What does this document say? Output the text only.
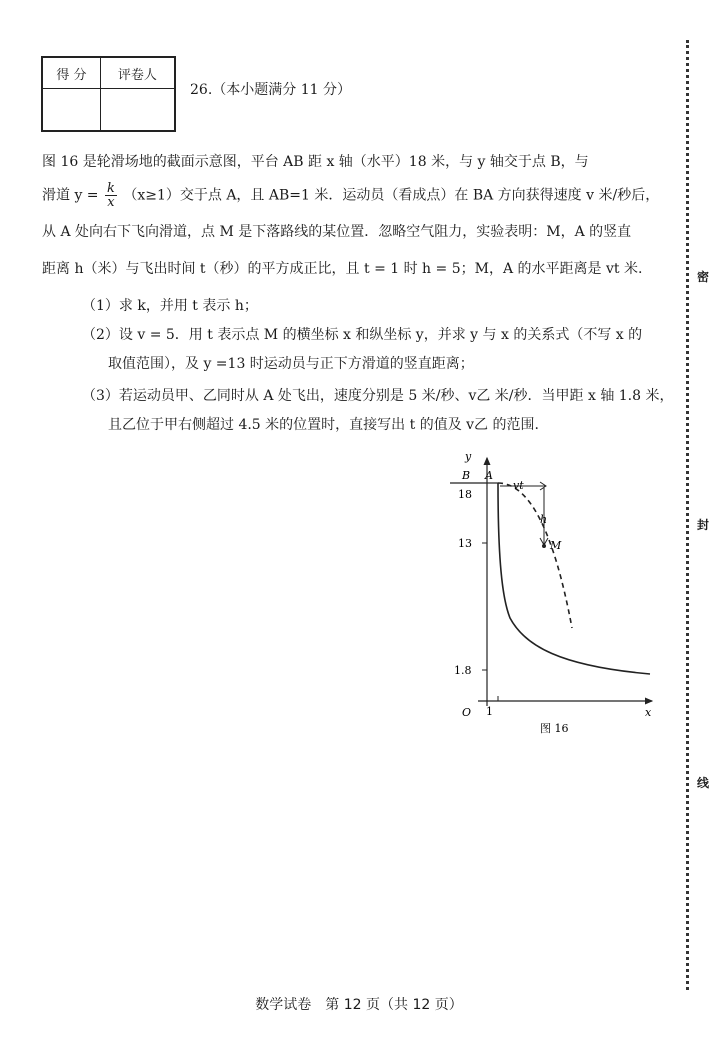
得 分	评卷人

26.（本小题满分 11 分）
图 16 是轮滑场地的截面示意图，平台 AB 距 x 轴（水平）18 米，与 y 轴交于点 B，与
滑道 $y = \frac{k}{x} (x\ge 1)$交于点 A，且 AB=1 米．运动员（看成点）在 BA 方向获得速度 v 米/秒后，
从 A 处向右下飞向滑道，点 M 是下落路线的某位置．忽略空气阻力，实验表明：M，A 的竖直
距离 h（米）与飞出时间 t（秒）的平方成正比，且 t = 1 时 h = 5；M，A 的水平距离是 vt 米.
（1）求 k，并用 t 表示 h；
（2）设 v = 5．用 t 表示点 M 的横坐标 x 和纵坐标 y，并求 y 与 x 的关系式（不写 x 的
取值范围），及 y =13 时运动员与正下方滑道的竖直距离；
（3）若运动员甲、乙同时从 A 处飞出，速度分别是 5 米/秒、v乙 米/秒．当甲距 x 轴 1.8 米，
且乙位于甲右侧超过 4.5 米的位置时，直接写出 t 的值及 v乙 的范围.
y
x
O
B A
M
vt
h
18
13
1.8
1
图 16
数学试卷　第 12 页（共 12 页）
密
封
线
